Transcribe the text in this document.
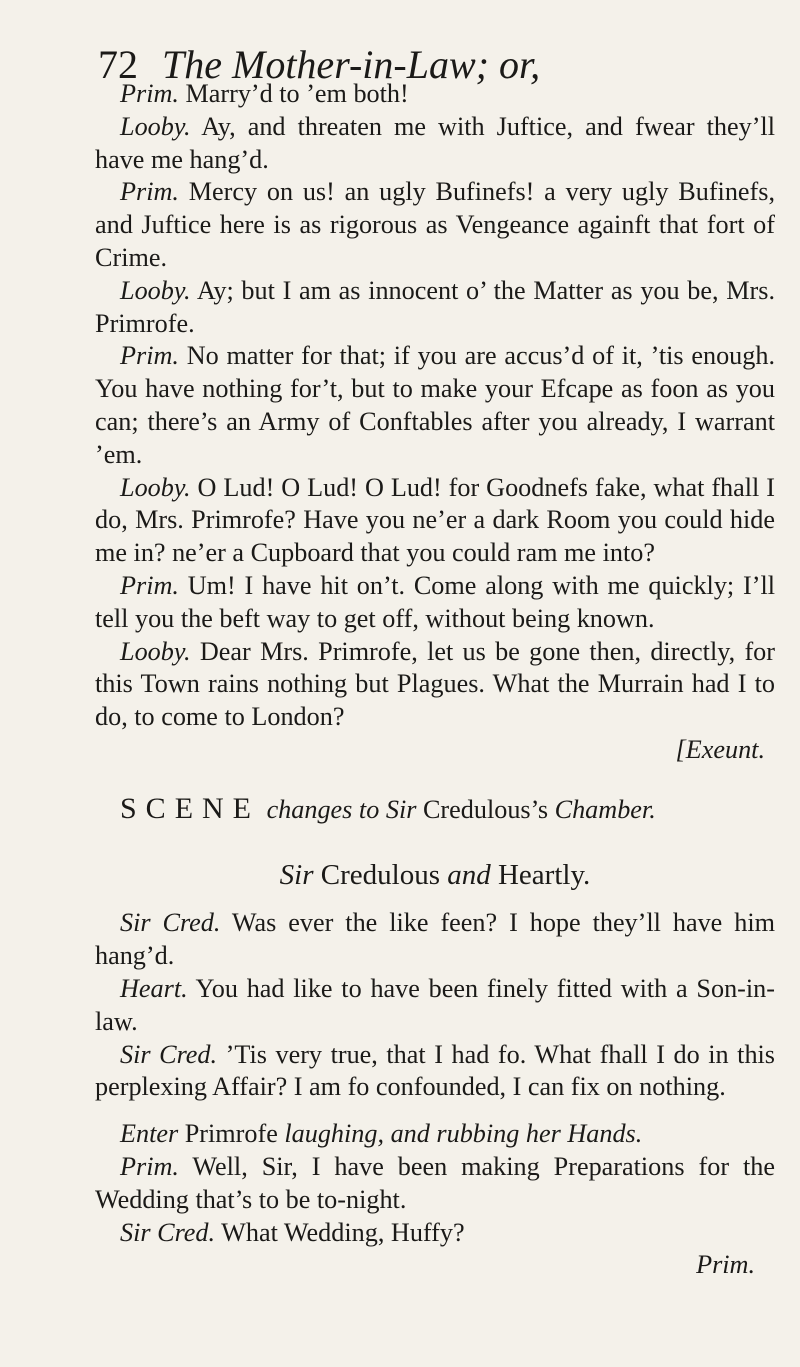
72 The Mother-in-Law; or,

Prim. Marry’d to ’em both!

Looby. Ay, and threaten me with Juftice, and fwear they’ll have me hang’d.

Prim. Mercy on us! an ugly Bufinefs! a very ugly Bufinefs, and Juftice here is as rigorous as Vengeance againft that fort of Crime.

Looby. Ay; but I am as innocent o’ the Matter as you be, Mrs. Primrofe.

Prim. No matter for that; if you are accus’d of it, ’tis enough. You have nothing for’t, but to make your Efcape as foon as you can; there’s an Army of Conftables after you already, I warrant ’em.

Looby. O Lud! O Lud! O Lud! for Goodnefs fake, what fhall I do, Mrs. Primrofe? Have you ne’er a dark Room you could hide me in? ne’er a Cupboard that you could ram me into?

Prim. Um! I have hit on’t. Come along with me quickly; I’ll tell you the beft way to get off, without being known.

Looby. Dear Mrs. Primrofe, let us be gone then, directly, for this Town rains nothing but Plagues. What the Murrain had I to do, to come to London?

[Exeunt.

SCENE changes to Sir Credulous’s Chamber.

Sir Credulous and Heartly.

Sir Cred. Was ever the like feen? I hope they’ll have him hang’d.

Heart. You had like to have been finely fitted with a Son-in-law.

Sir Cred. ’Tis very true, that I had fo. What fhall I do in this perplexing Affair? I am fo confounded, I can fix on nothing.

Enter Primrofe laughing, and rubbing her Hands.

Prim. Well, Sir, I have been making Preparations for the Wedding that’s to be to-night.

Sir Cred. What Wedding, Huffy?

Prim.
